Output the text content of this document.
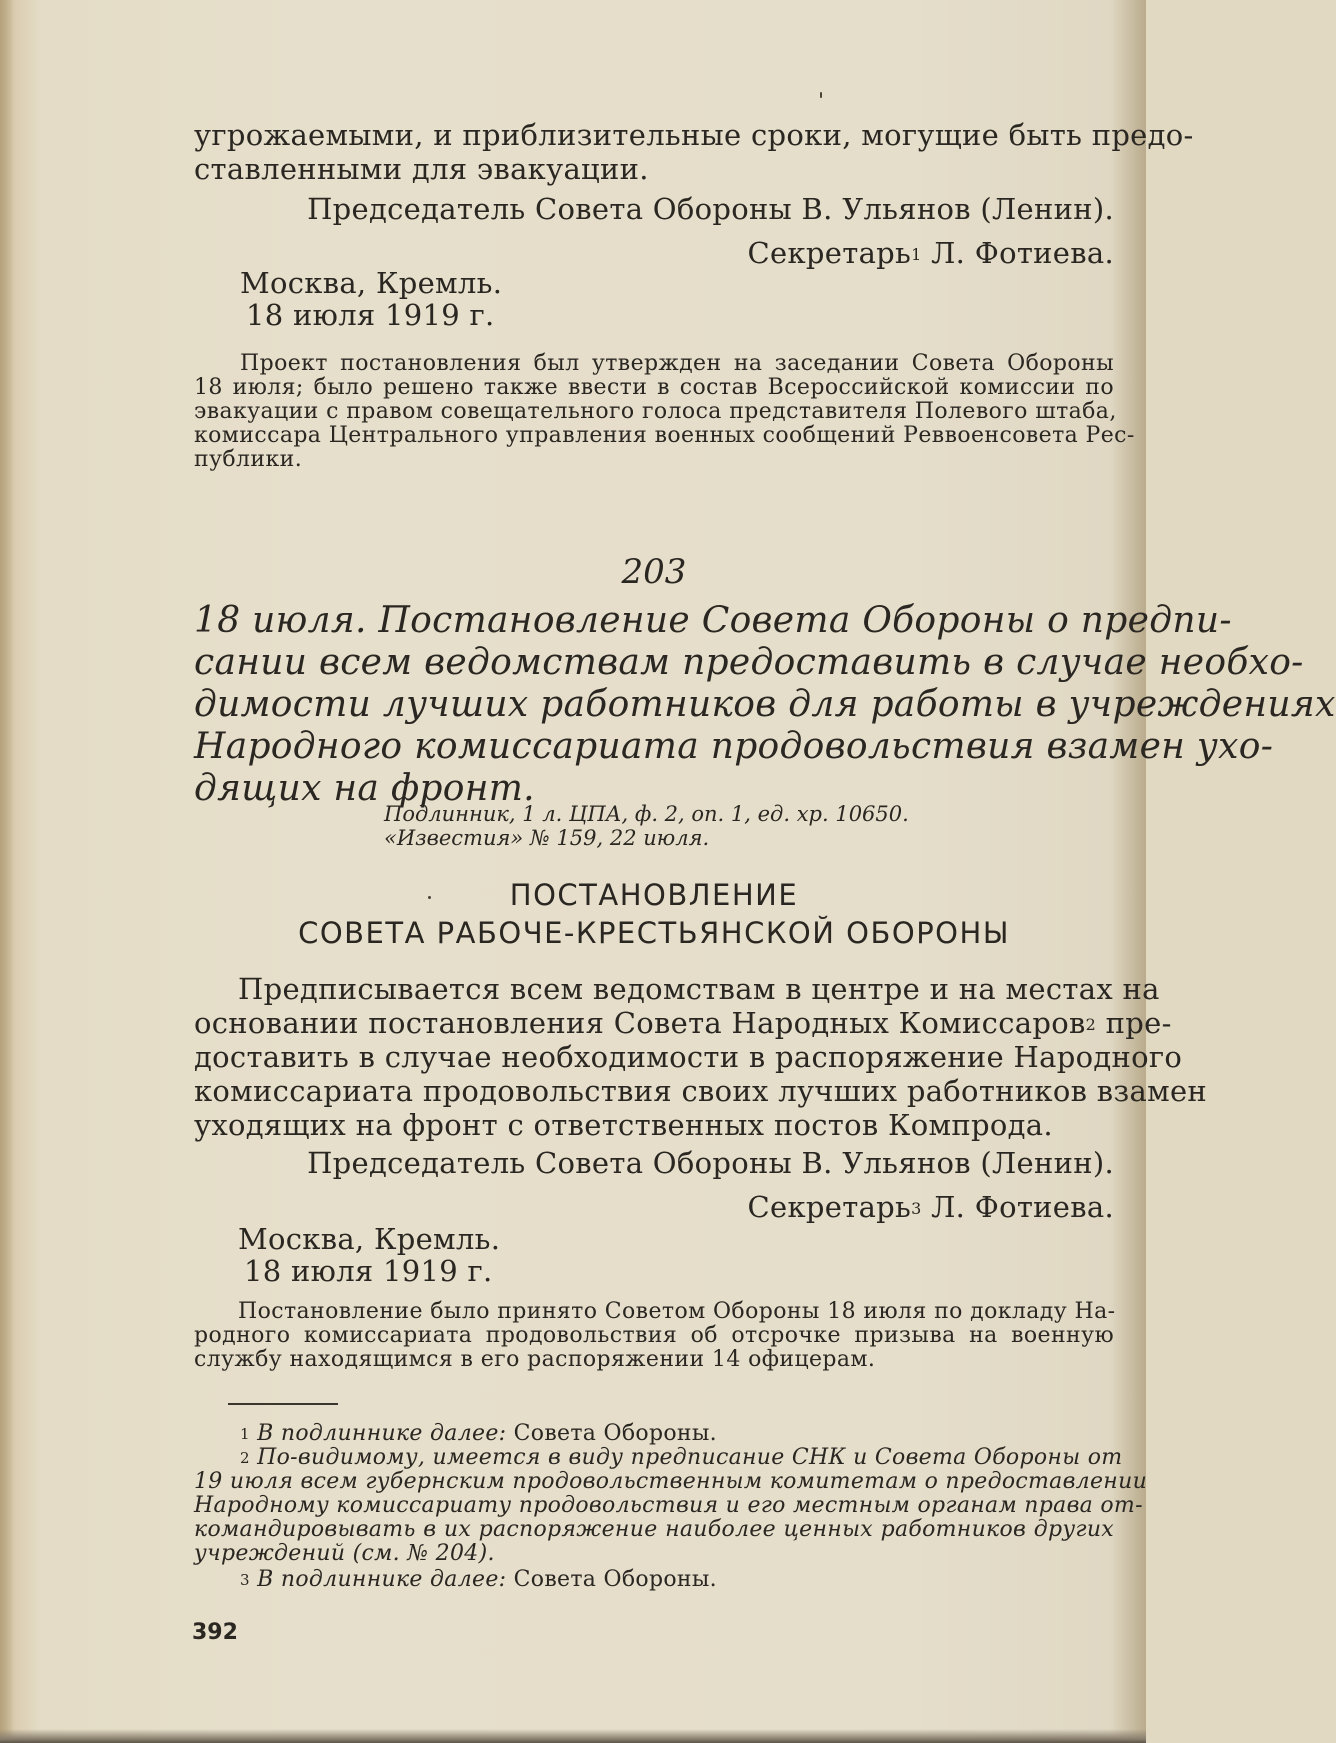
угрожаемыми, и приблизительные сроки, могущие быть предо-
ставленными для эвакуации.
Председатель Совета Обороны В. Ульянов (Ленин).
Секретарь$^1$ Л. Фотиева.
Москва, Кремль.
18 июля 1919 г.
Проект постановления был утвержден на заседании Совета Обороны
18 июля; было решено также ввести в состав Всероссийской комиссии по
эвакуации с правом совещательного голоса представителя Полевого штаба,
комиссара Центрального управления военных сообщений Реввоенсовета Рес-
публики.
203
18 июля. Постановление Совета Обороны о предпи-
сании всем ведомствам предоставить в случае необхо-
димости лучших работников для работы в учреждениях
Народного комиссариата продовольствия взамен ухо-
дящих на фронт.
Подлинник, 1 л. ЦПА, ф. 2, оп. 1, ед. хр. 10650.
«Известия» № 159, 22 июля.
ПОСТАНОВЛЕНИЕ
СОВЕТА РАБОЧЕ-КРЕСТЬЯНСКОЙ ОБОРОНЫ
Предписывается всем ведомствам в центре и на местах на
основании постановления Совета Народных Комиссаров$^2$ пре-
доставить в случае необходимости в распоряжение Народного
комиссариата продовольствия своих лучших работников взамен
уходящих на фронт с ответственных постов Компрода.
Председатель Совета Обороны В. Ульянов (Ленин).
Секретарь$^3$ Л. Фотиева.
Москва, Кремль.
18 июля 1919 г.
Постановление было принято Советом Обороны 18 июля по докладу На-
родного комиссариата продовольствия об отсрочке призыва на военную
службу находящимся в его распоряжении 14 офицерам.
$^1$ В подлиннике далее: Совета Обороны.
$^2$ По-видимому, имеется в виду предписание СНК и Совета Обороны от
19 июля всем губернским продовольственным комитетам о предоставлении
Народному комиссариату продовольствия и его местным органам права от-
командировывать в их распоряжение наиболее ценных работников других
учреждений (см. № 204).
$^3$ В подлиннике далее: Совета Обороны.
392
